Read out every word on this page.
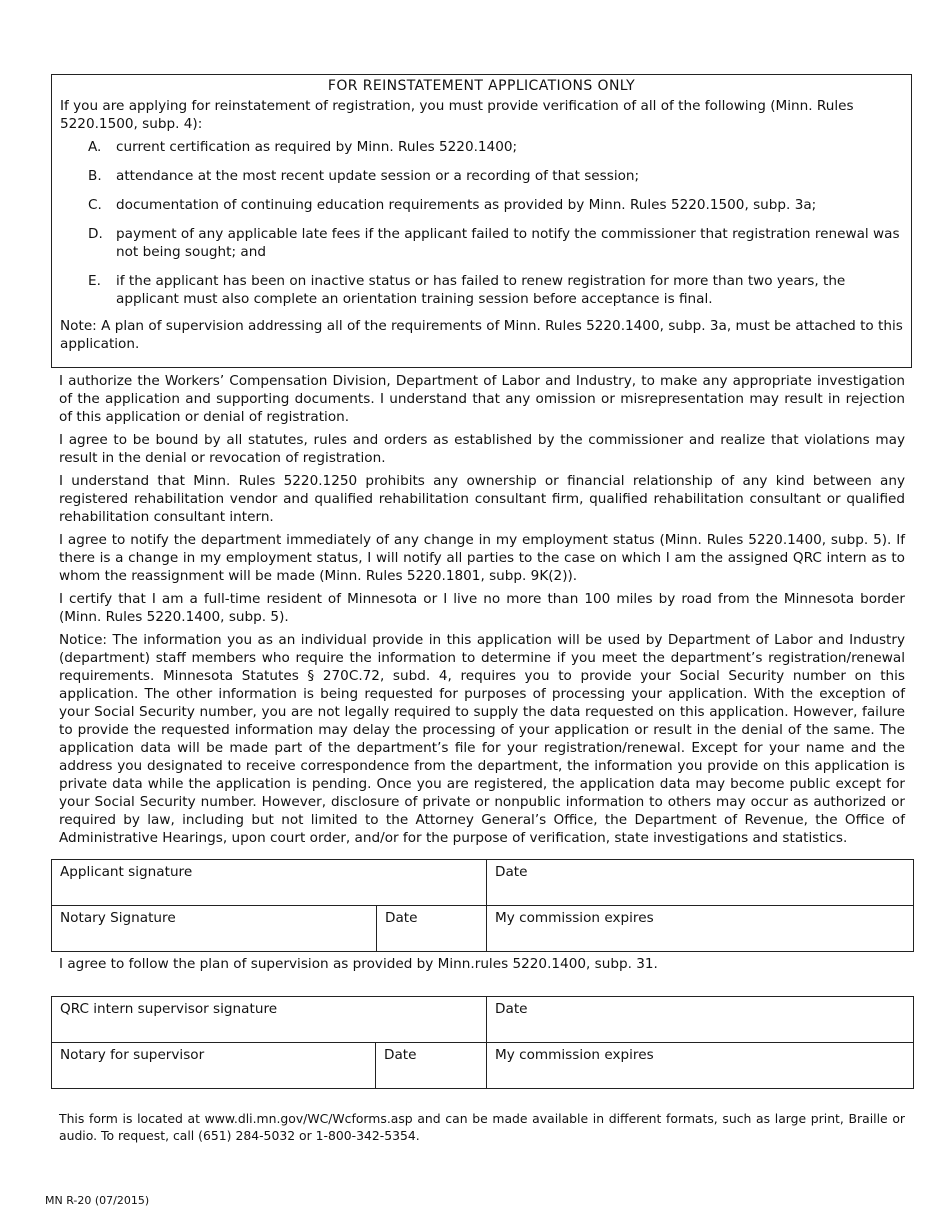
FOR REINSTATEMENT APPLICATIONS ONLY

If you are applying for reinstatement of registration, you must provide verification of all of the following (Minn. Rules 5220.1500, subp. 4):

A.	current certification as required by Minn. Rules 5220.1400;
B.	attendance at the most recent update session or a recording of that session;
C.	documentation of continuing education requirements as provided by Minn. Rules 5220.1500, subp. 3a;
D. payment of any applicable late fees if the applicant failed to notify the commissioner that registration renewal was not being sought; and
E.	if the applicant has been on inactive status or has failed to renew registration for more than two years, the applicant must also complete an orientation training session before acceptance is final.

Note: A plan of supervision addressing all of the requirements of Minn. Rules 5220.1400, subp. 3a, must be attached to this application.

I authorize the Workers’ Compensation Division, Department of Labor and Industry, to make any appropriate investigation of the application and supporting documents. I understand that any omission or misrepresentation may result in rejection of this application or denial of registration.

I agree to be bound by all statutes, rules and orders as established by the commissioner and realize that violations may result in the denial or revocation of registration.

I understand that Minn. Rules 5220.1250 prohibits any ownership or financial relationship of any kind between any registered rehabilitation vendor and qualified rehabilitation consultant firm, qualified rehabilitation consultant or qualified rehabilitation consultant intern.

I agree to notify the department immediately of any change in my employment status (Minn. Rules 5220.1400, subp. 5). If there is a change in my employment status, I will notify all parties to the case on which I am the assigned QRC intern as to whom the reassignment will be made (Minn. Rules 5220.1801, subp. 9K(2)).

I certify that I am a full-time resident of Minnesota or I live no more than 100 miles by road from the Minnesota border (Minn. Rules 5220.1400, subp. 5).

Notice: The information you as an individual provide in this application will be used by Department of Labor and Industry (department) staff members who require the information to determine if you meet the department’s registration/renewal requirements. Minnesota Statutes § 270C.72, subd. 4, requires you to provide your Social Security number on this application. The other information is being requested for purposes of processing your application. With the exception of your Social Security number, you are not legally required to supply the data requested on this application. However, failure to provide the requested information may delay the processing of your application or result in the denial of the same. The application data will be made part of the department’s file for your registration/renewal. Except for your name and the address you designated to receive correspondence from the department, the information you provide on this application is private data while the application is pending. Once you are registered, the application data may become public except for your Social Security number. However, disclosure of private or nonpublic information to others may occur as authorized or required by law, including but not limited to the Attorney General’s Office, the Department of Revenue, the Office of Administrative Hearings, upon court order, and/or for the purpose of verification, state investigations and statistics.

Applicant signature		Date
Notary Signature	Date	My commission expires
I agree to follow the plan of supervision as provided by Minn.rules 5220.1400, subp. 31.
QRC intern supervisor signature		Date
Notary for supervisor	Date	My commission expires
This form is located at www.dli.mn.gov/WC/Wcforms.asp and can be made available in different formats, such as large print, Braille or audio. To request, call (651) 284-5032 or 1-800-342-5354.
MN R-20 (07/2015)
